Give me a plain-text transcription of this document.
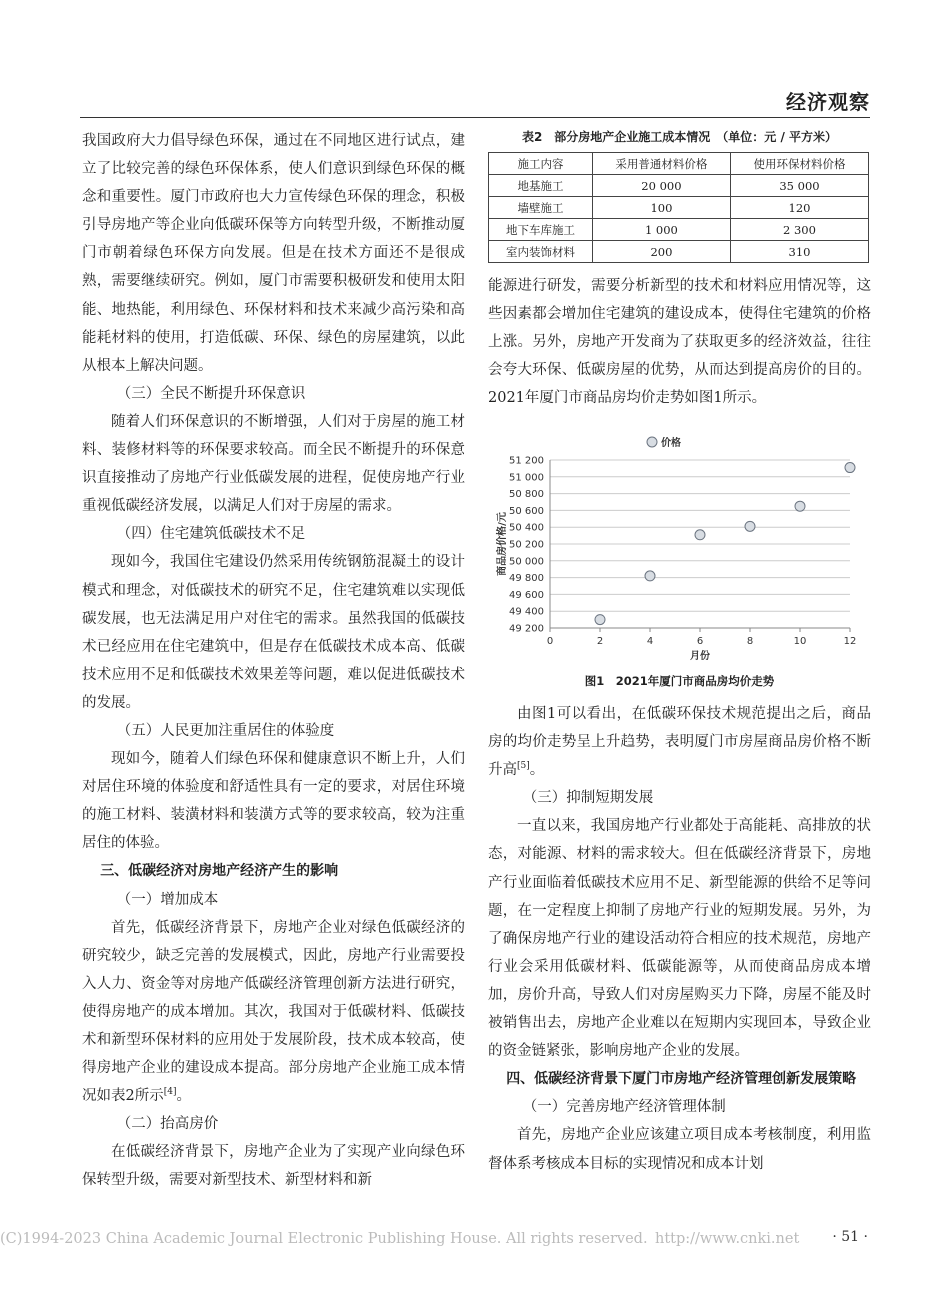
经济观察

我国政府大力倡导绿色环保，通过在不同地区进行试点，建立了比较完善的绿色环保体系，使人们意识到绿色环保的概念和重要性。厦门市政府也大力宣传绿色环保的理念，积极引导房地产等企业向低碳环保等方向转型升级，不断推动厦门市朝着绿色环保方向发展。但是在技术方面还不是很成熟，需要继续研究。例如，厦门市需要积极研发和使用太阳能、地热能，利用绿色、环保材料和技术来减少高污染和高能耗材料的使用，打造低碳、环保、绿色的房屋建筑，以此从根本上解决问题。

（三）全民不断提升环保意识

随着人们环保意识的不断增强，人们对于房屋的施工材料、装修材料等的环保要求较高。而全民不断提升的环保意识直接推动了房地产行业低碳发展的进程，促使房地产行业重视低碳经济发展，以满足人们对于房屋的需求。

（四）住宅建筑低碳技术不足

现如今，我国住宅建设仍然采用传统钢筋混凝土的设计模式和理念，对低碳技术的研究不足，住宅建筑难以实现低碳发展，也无法满足用户对住宅的需求。虽然我国的低碳技术已经应用在住宅建筑中，但是存在低碳技术成本高、低碳技术应用不足和低碳技术效果差等问题，难以促进低碳技术的发展。

（五）人民更加注重居住的体验度

现如今，随着人们绿色环保和健康意识不断上升，人们对居住环境的体验度和舒适性具有一定的要求，对居住环境的施工材料、装潢材料和装潢方式等的要求较高，较为注重居住的体验。

三、低碳经济对房地产经济产生的影响

（一）增加成本

首先，低碳经济背景下，房地产企业对绿色低碳经济的研究较少，缺乏完善的发展模式，因此，房地产行业需要投入人力、资金等对房地产低碳经济管理创新方法进行研究，使得房地产的成本增加。其次，我国对于低碳材料、低碳技术和新型环保材料的应用处于发展阶段，技术成本较高，使得房地产企业的建设成本提高。部分房地产企业施工成本情况如表2所示[4]。

（二）抬高房价

在低碳经济背景下，房地产企业为了实现产业向绿色环保转型升级，需要对新型技术、新型材料和新

表2　部分房地产企业施工成本情况　（单位：元 / 平方米）
施工内容	采用普通材料价格	使用环保材料价格
地基施工	20 000	35 000
墙壁施工	100	120
地下车库施工	1 000	2 300
室内装饰材料	200	310

能源进行研发，需要分析新型的技术和材料应用情况等，这些因素都会增加住宅建筑的建设成本，使得住宅建筑的价格上涨。另外，房地产开发商为了获取更多的经济效益，往往会夸大环保、低碳房屋的优势，从而达到提高房价的目的。2021年厦门市商品房均价走势如图1所示。

49 200
49 400
49 600
49 800
50 000
50 200
50 400
50 600
50 800
51 000
51 200
0	2	4	6	8	10	12
月份
商品房价格/元
价格
图1　2021年厦门市商品房均价走势

由图1可以看出，在低碳环保技术规范提出之后，商品房的均价走势呈上升趋势，表明厦门市房屋商品房价格不断升高[5]。

（三）抑制短期发展

一直以来，我国房地产行业都处于高能耗、高排放的状态，对能源、材料的需求较大。但在低碳经济背景下，房地产行业面临着低碳技术应用不足、新型能源的供给不足等问题，在一定程度上抑制了房地产行业的短期发展。另外，为了确保房地产行业的建设活动符合相应的技术规范，房地产行业会采用低碳材料、低碳能源等，从而使商品房成本增加，房价升高，导致人们对房屋购买力下降，房屋不能及时被销售出去，房地产企业难以在短期内实现回本，导致企业的资金链紧张，影响房地产企业的发展。

四、低碳经济背景下厦门市房地产经济管理创新发展策略

（一）完善房地产经济管理体制

首先，房地产企业应该建立项目成本考核制度，利用监督体系考核成本目标的实现情况和成本计划

(C)1994-2023 China Academic Journal Electronic Publishing House. All rights reserved. http://www.cnki.net · 51 ·
